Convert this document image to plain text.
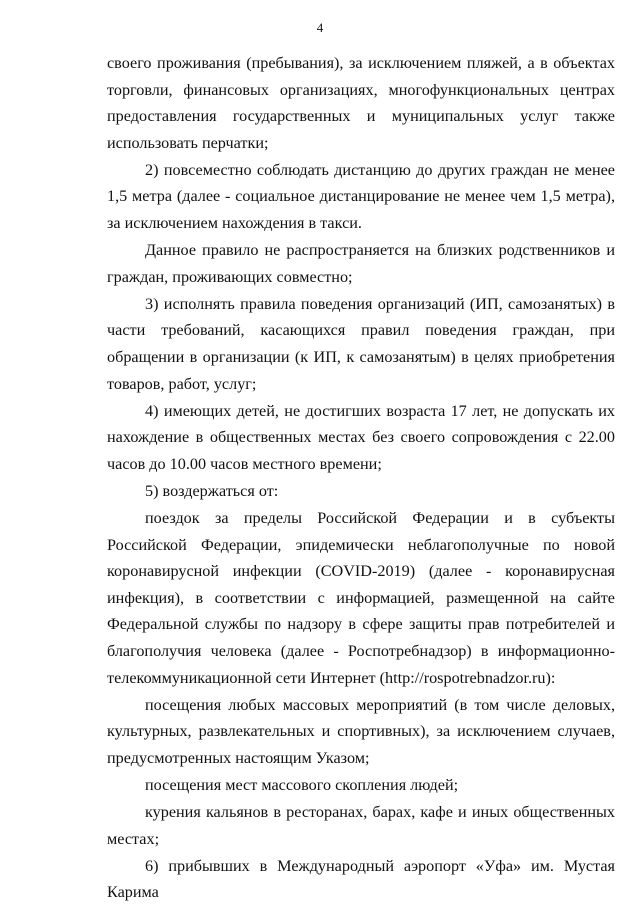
4

своего проживания (пребывания), за исключением пляжей, а в объектах торговли, финансовых организациях, многофункциональных центрах предоставления государственных и муниципальных услуг также использовать перчатки;

2) повсеместно соблюдать дистанцию до других граждан не менее 1,5 метра (далее - социальное дистанцирование не менее чем 1,5 метра), за исключением нахождения в такси.

Данное правило не распространяется на близких родственников и граждан, проживающих совместно;

3) исполнять правила поведения организаций (ИП, самозанятых) в части требований, касающихся правил поведения граждан, при обращении в организации (к ИП, к самозанятым) в целях приобретения товаров, работ, услуг;

4) имеющих детей, не достигших возраста 17 лет, не допускать их нахождение в общественных местах без своего сопровождения с 22.00 часов до 10.00 часов местного времени;

5) воздержаться от:

поездок за пределы Российской Федерации и в субъекты Российской Федерации, эпидемически неблагополучные по новой коронавирусной инфекции (COVID-2019) (далее - коронавирусная инфекция), в соответствии с информацией, размещенной на сайте Федеральной службы по надзору в сфере защиты прав потребителей и благополучия человека (далее - Роспотребнадзор) в информационно-телекоммуникационной сети Интернет (http://rospotrebnadzor.ru):

посещения любых массовых мероприятий (в том числе деловых, культурных, развлекательных и спортивных), за исключением случаев, предусмотренных настоящим Указом;

посещения мест массового скопления людей;

курения кальянов в ресторанах, барах, кафе и иных общественных местах;

6) прибывших в Международный аэропорт «Уфа» им. Мустая Карима
